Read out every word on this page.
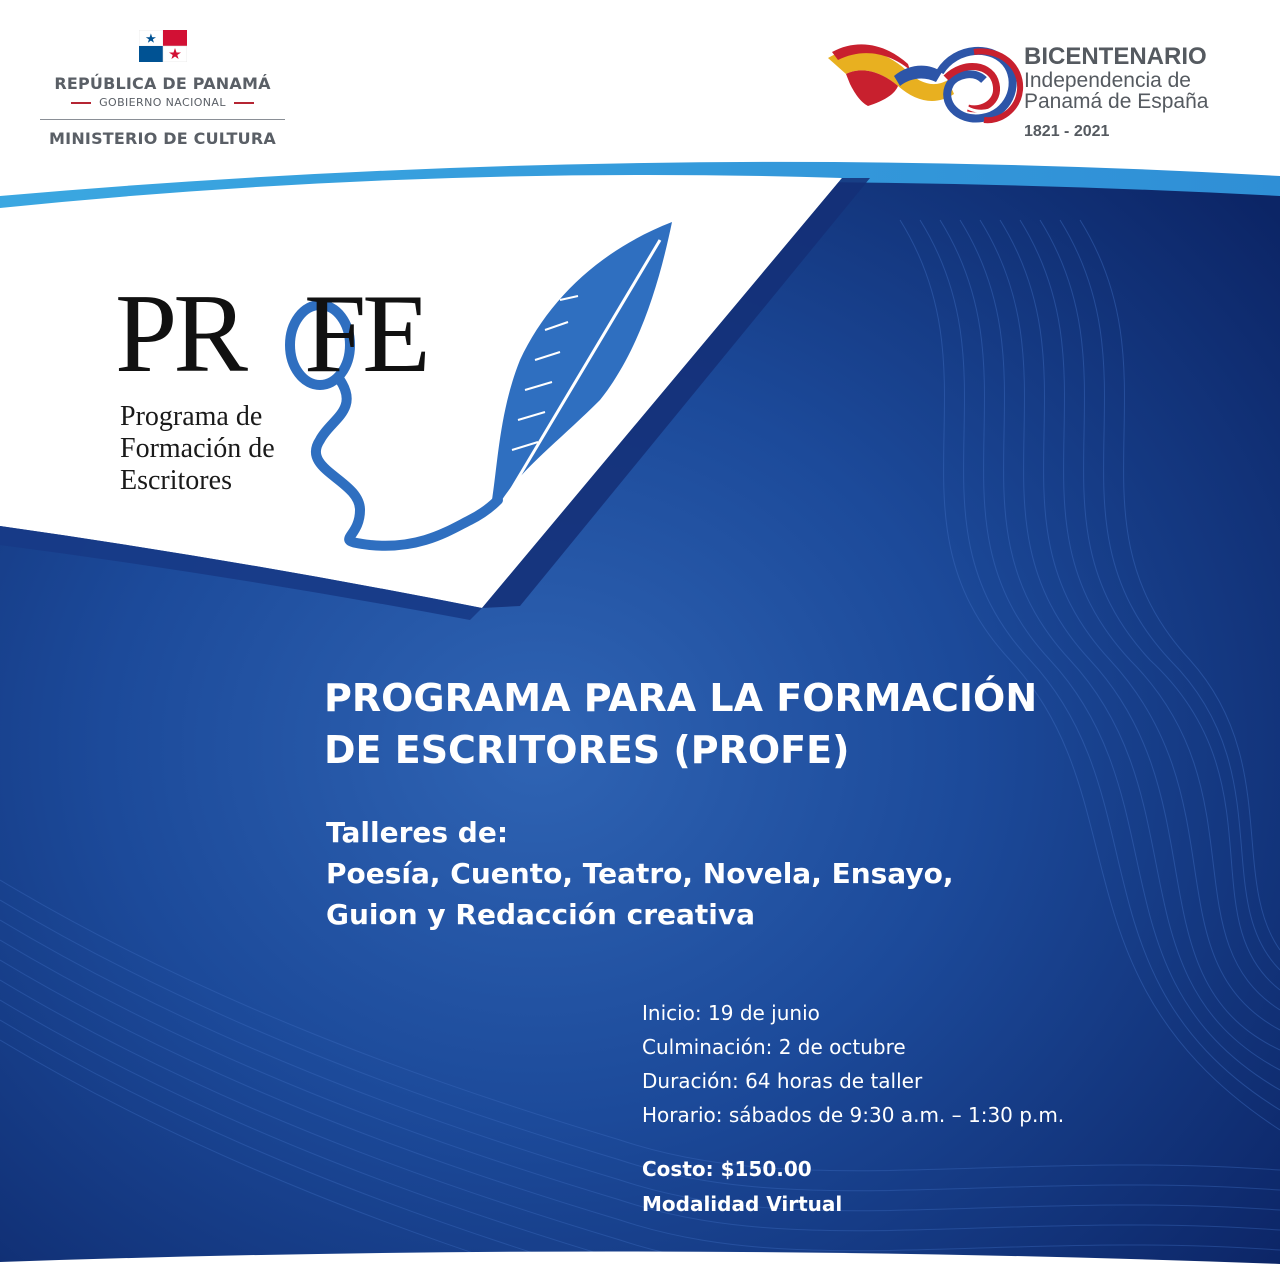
REPÚBLICA DE PANAMÁ
GOBIERNO NACIONAL
MINISTERIO DE CULTURA
BICENTENARIO
Independencia de
Panamá de España
1821 - 2021
PR FE
Programa de
Formación de
Escritores
PROGRAMA PARA LA FORMACIÓN
DE ESCRITORES (PROFE)
Talleres de:
Poesía, Cuento, Teatro, Novela, Ensayo,
Guion y Redacción creativa
Inicio: 19 de junio
Culminación: 2 de octubre
Duración: 64 horas de taller
Horario: sábados de 9:30 a.m. – 1:30 p.m.
Costo: $150.00
Modalidad Virtual
